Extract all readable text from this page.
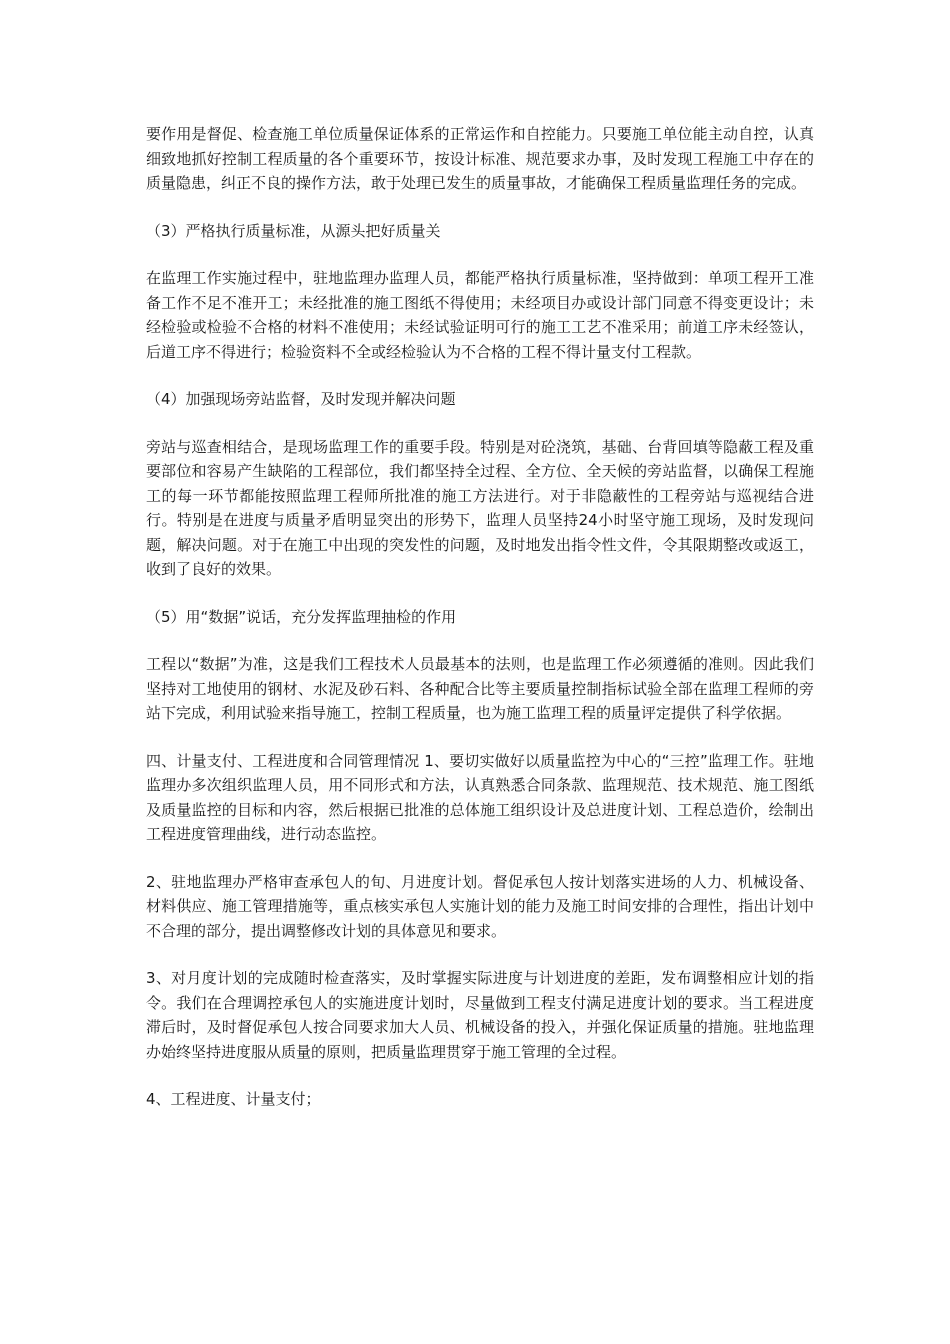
要作用是督促、检查施工单位质量保证体系的正常运作和自控能力。只要施工单位能主动自控，认真细致地抓好控制工程质量的各个重要环节，按设计标准、规范要求办事，及时发现工程施工中存在的质量隐患，纠正不良的操作方法，敢于处理已发生的质量事故，才能确保工程质量监理任务的完成。

（3）严格执行质量标准，从源头把好质量关

在监理工作实施过程中，驻地监理办监理人员，都能严格执行质量标准，坚持做到：单项工程开工准备工作不足不准开工；未经批准的施工图纸不得使用；未经项目办或设计部门同意不得变更设计；未经检验或检验不合格的材料不准使用；未经试验证明可行的施工工艺不准采用；前道工序未经签认，后道工序不得进行；检验资料不全或经检验认为不合格的工程不得计量支付工程款。

（4）加强现场旁站监督，及时发现并解决问题

旁站与巡查相结合，是现场监理工作的重要手段。特别是对砼浇筑，基础、台背回填等隐蔽工程及重要部位和容易产生缺陷的工程部位，我们都坚持全过程、全方位、全天候的旁站监督，以确保工程施工的每一环节都能按照监理工程师所批准的施工方法进行。对于非隐蔽性的工程旁站与巡视结合进行。特别是在进度与质量矛盾明显突出的形势下，监理人员坚持24小时坚守施工现场，及时发现问题，解决问题。对于在施工中出现的突发性的问题，及时地发出指令性文件，令其限期整改或返工，收到了良好的效果。

（5）用“数据”说话，充分发挥监理抽检的作用

工程以“数据”为准，这是我们工程技术人员最基本的法则，也是监理工作必须遵循的准则。因此我们坚持对工地使用的钢材、水泥及砂石料、各种配合比等主要质量控制指标试验全部在监理工程师的旁站下完成，利用试验来指导施工，控制工程质量，也为施工监理工程的质量评定提供了科学依据。

四、计量支付、工程进度和合同管理情况 1、要切实做好以质量监控为中心的“三控”监理工作。驻地监理办多次组织监理人员，用不同形式和方法，认真熟悉合同条款、监理规范、技术规范、施工图纸及质量监控的目标和内容，然后根据已批准的总体施工组织设计及总进度计划、工程总造价，绘制出工程进度管理曲线，进行动态监控。

2、驻地监理办严格审查承包人的旬、月进度计划。督促承包人按计划落实进场的人力、机械设备、材料供应、施工管理措施等，重点核实承包人实施计划的能力及施工时间安排的合理性，指出计划中不合理的部分，提出调整修改计划的具体意见和要求。

3、对月度计划的完成随时检查落实，及时掌握实际进度与计划进度的差距，发布调整相应计划的指令。我们在合理调控承包人的实施进度计划时，尽量做到工程支付满足进度计划的要求。当工程进度滞后时，及时督促承包人按合同要求加大人员、机械设备的投入，并强化保证质量的措施。驻地监理办始终坚持进度服从质量的原则，把质量监理贯穿于施工管理的全过程。

4、工程进度、计量支付；
